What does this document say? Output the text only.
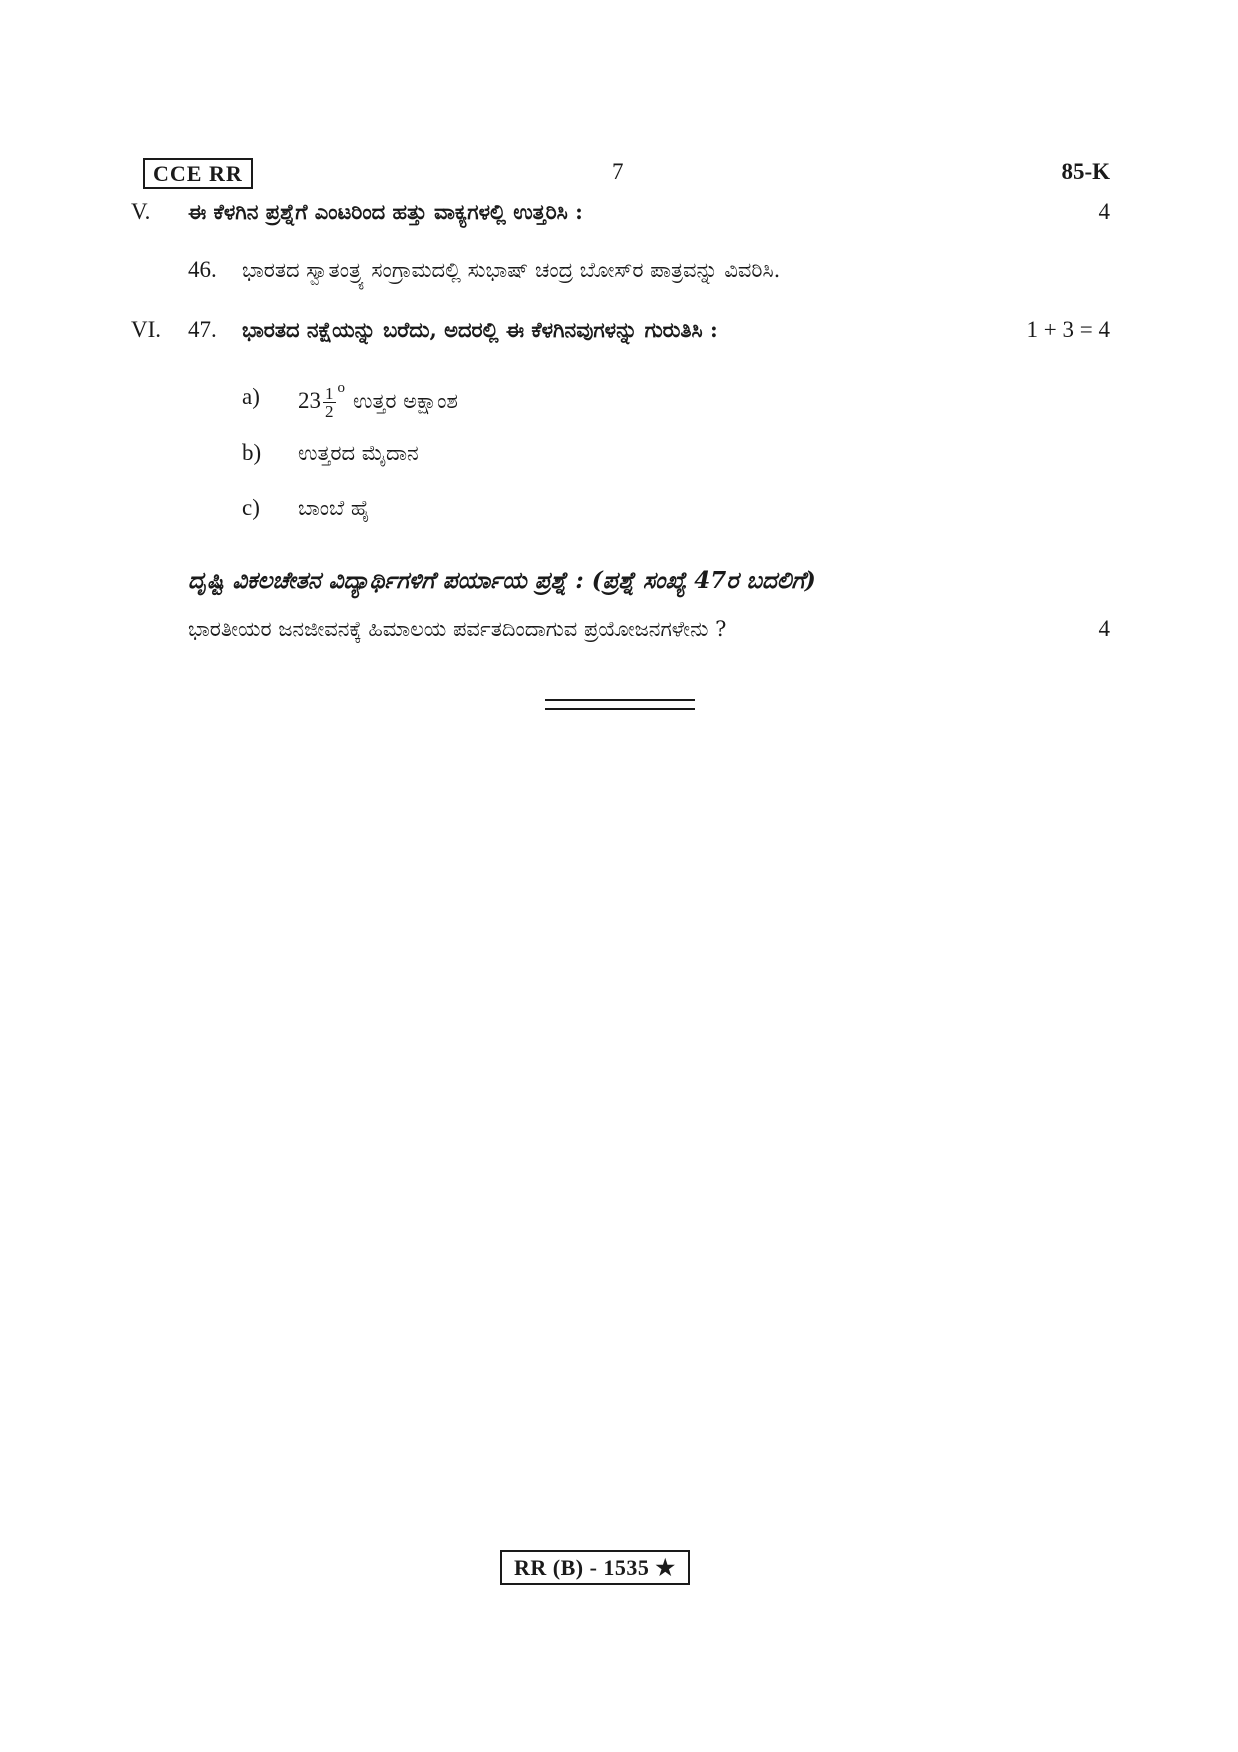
CCE RR	7	85-K
V. ಈ ಕೆಳಗಿನ ಪ್ರಶ್ನೆಗೆ ಎಂಟರಿಂದ ಹತ್ತು ವಾಕ್ಯಗಳಲ್ಲಿ ಉತ್ತರಿಸಿ :	4
46. ಭಾರತದ ಸ್ವಾತಂತ್ರ್ಯ ಸಂಗ್ರಾಮದಲ್ಲಿ ಸುಭಾಷ್ ಚಂದ್ರ ಬೋಸ್‌ರ ಪಾತ್ರವನ್ನು ವಿವರಿಸಿ.
VI. 47. ಭಾರತದ ನಕ್ಷೆಯನ್ನು ಬರೆದು, ಅದರಲ್ಲಿ ಈ ಕೆಳಗಿನವುಗಳನ್ನು ಗುರುತಿಸಿ :	1 + 3 = 4
a) $23 \frac{1}{2}$ $^o$ಉತ್ತರ ಅಕ್ಷಾಂಶ
b) ಉತ್ತರದ ಮೈದಾನ
c) ಬಾಂಬೆ ಹೈ
ದೃಷ್ಟಿ ವಿಕಲಚೇತನ ವಿದ್ಯಾರ್ಥಿಗಳಿಗೆ ಪರ್ಯಾಯ ಪ್ರಶ್ನೆ : (ಪ್ರಶ್ನೆ ಸಂಖ್ಯೆ 47ರ ಬದಲಿಗೆ)
ಭಾರತೀಯರ ಜನಜೀವನಕ್ಕೆ ಹಿಮಾಲಯ ಪರ್ವತದಿಂದಾಗುವ ಪ್ರಯೋಜನಗಳೇನು ?	4
RR (B) - 1535 ★
